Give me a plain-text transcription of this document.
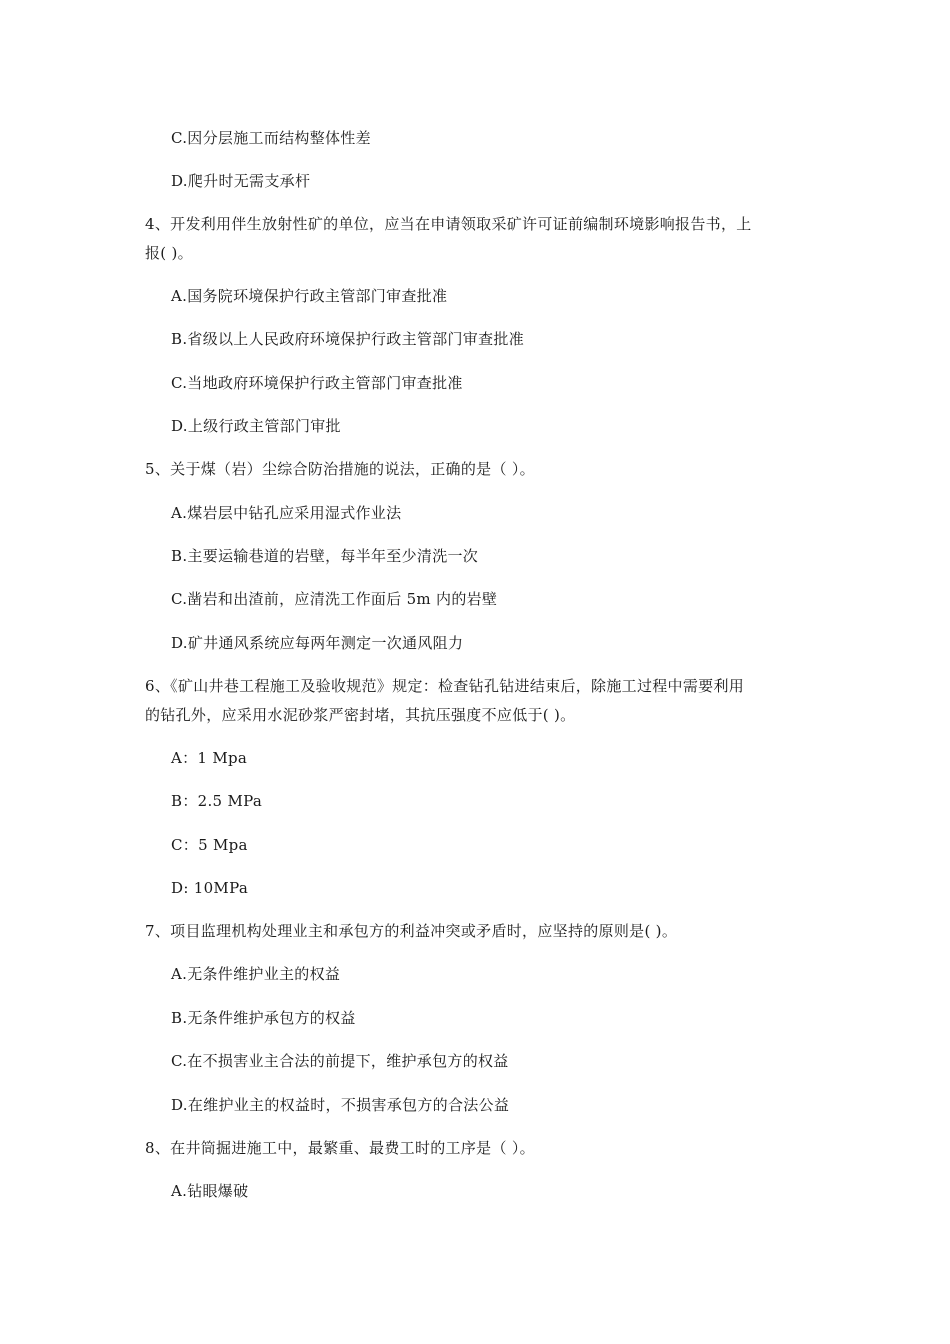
C.因分层施工而结构整体性差
D.爬升时无需支承杆
4、开发利用伴生放射性矿的单位，应当在申请领取采矿许可证前编制环境影响报告书，上
报( )。
A.国务院环境保护行政主管部门审查批准
B.省级以上人民政府环境保护行政主管部门审查批准
C.当地政府环境保护行政主管部门审查批准
D.上级行政主管部门审批
5、关于煤（岩）尘综合防治措施的说法，正确的是（ ）。
A.煤岩层中钻孔应采用湿式作业法
B.主要运输巷道的岩壁，每半年至少清洗一次
C.凿岩和出渣前，应清洗工作面后 5m 内的岩壁
D.矿井通风系统应每两年测定一次通风阻力
6、《矿山井巷工程施工及验收规范》规定：检查钻孔钻进结束后，除施工过程中需要利用
的钻孔外，应采用水泥砂浆严密封堵，其抗压强度不应低于( )。
A：1 Mpa
B：2.5 MPa
C：5 Mpa
D: 10MPa
7、项目监理机构处理业主和承包方的利益冲突或矛盾时，应坚持的原则是( )。
A.无条件维护业主的权益
B.无条件维护承包方的权益
C.在不损害业主合法的前提下，维护承包方的权益
D.在维护业主的权益时，不损害承包方的合法公益
8、在井筒掘进施工中，最繁重、最费工时的工序是（ ）。
A.钻眼爆破
